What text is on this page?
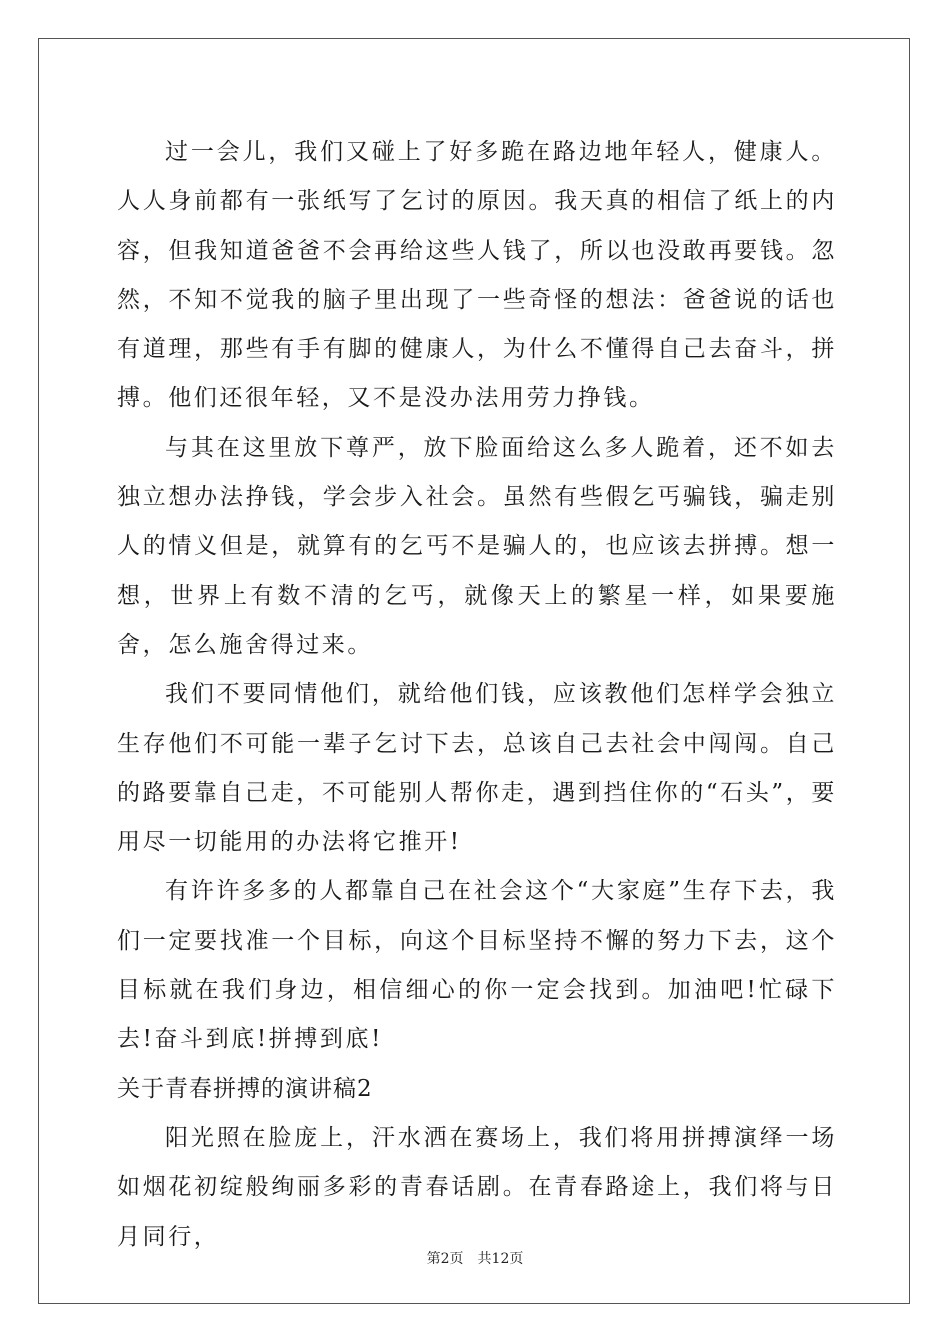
过一会儿，我们又碰上了好多跪在路边地年轻人，健康人。人人身前都有一张纸写了乞讨的原因。我天真的相信了纸上的内容，但我知道爸爸不会再给这些人钱了，所以也没敢再要钱。忽然，不知不觉我的脑子里出现了一些奇怪的想法：爸爸说的话也有道理，那些有手有脚的健康人，为什么不懂得自己去奋斗，拼搏。他们还很年轻，又不是没办法用劳力挣钱。

与其在这里放下尊严，放下脸面给这么多人跪着，还不如去独立想办法挣钱，学会步入社会。虽然有些假乞丐骗钱，骗走别人的情义但是，就算有的乞丐不是骗人的，也应该去拼搏。想一想，世界上有数不清的乞丐，就像天上的繁星一样，如果要施舍，怎么施舍得过来。

我们不要同情他们，就给他们钱，应该教他们怎样学会独立生存他们不可能一辈子乞讨下去，总该自己去社会中闯闯。自己的路要靠自己走，不可能别人帮你走，遇到挡住你的“石头”，要用尽一切能用的办法将它推开!

有许许多多的人都靠自己在社会这个“大家庭”生存下去，我们一定要找准一个目标，向这个目标坚持不懈的努力下去，这个目标就在我们身边，相信细心的你一定会找到。加油吧!忙碌下去!奋斗到底!拼搏到底!

关于青春拼搏的演讲稿2

阳光照在脸庞上，汗水洒在赛场上，我们将用拼搏演绎一场如烟花初绽般绚丽多彩的青春话剧。在青春路途上，我们将与日月同行，

第2页 共12页
